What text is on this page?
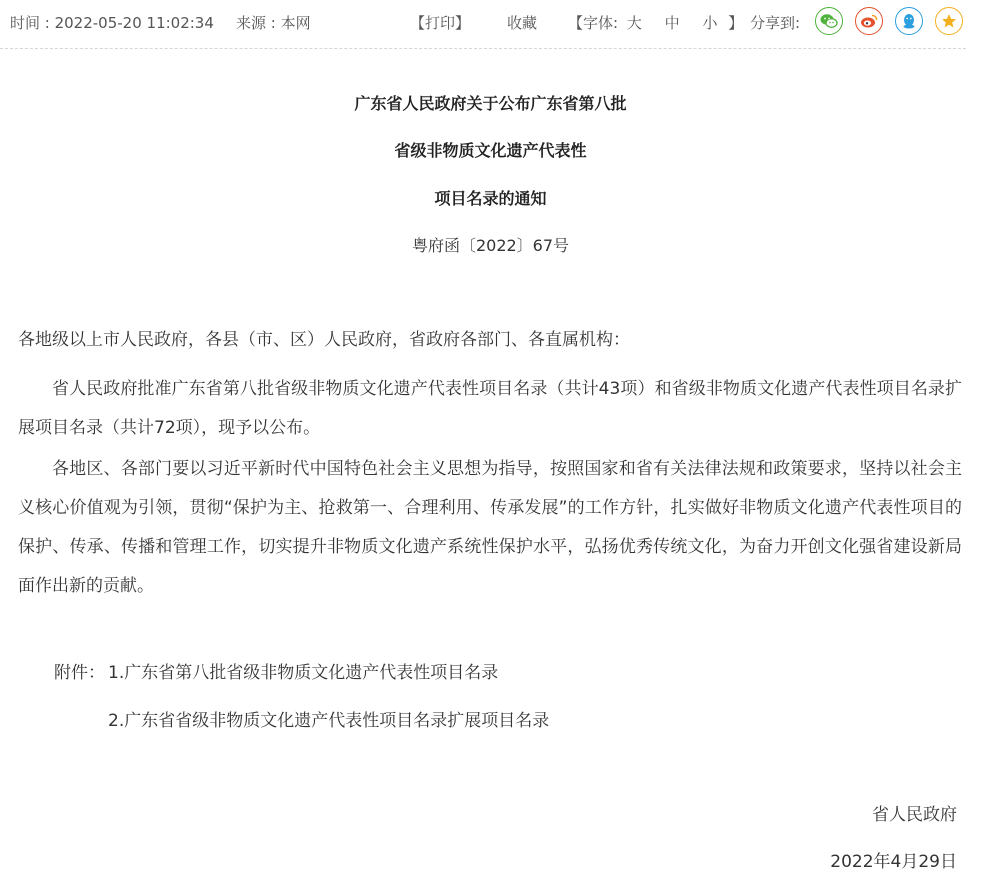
时间 : 2022-05-20 11:02:34 来源 : 本网	【打印】 收藏 【字体: 大 中 小 】 分享到:
广东省人民政府关于公布广东省第八批
省级非物质文化遗产代表性
项目名录的通知
粤府函〔2022〕67号
各地级以上市人民政府，各县（市、区）人民政府，省政府各部门、各直属机构：
省人民政府批准广东省第八批省级非物质文化遗产代表性项目名录（共计43项）和省级非物质文化遗产代表性项目名录扩展项目名录（共计72项），现予以公布。
各地区、各部门要以习近平新时代中国特色社会主义思想为指导，按照国家和省有关法律法规和政策要求，坚持以社会主义核心价值观为引领，贯彻“保护为主、抢救第一、合理利用、传承发展”的工作方针，扎实做好非物质文化遗产代表性项目的保护、传承、传播和管理工作，切实提升非物质文化遗产系统性保护水平，弘扬优秀传统文化，为奋力开创文化强省建设新局面作出新的贡献。
附件： 1.广东省第八批省级非物质文化遗产代表性项目名录
2.广东省省级非物质文化遗产代表性项目名录扩展项目名录
省人民政府
2022年4月29日
